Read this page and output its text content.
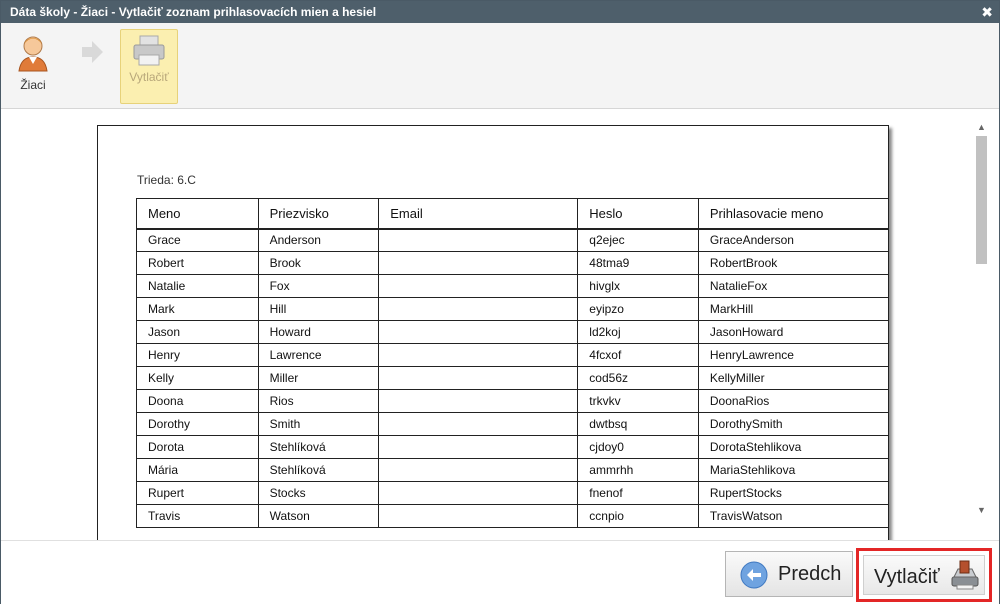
Dáta školy - Žiaci - Vytlačiť zoznam prihlasovacích mien a hesiel	✖
Žiaci
Vytlačiť
Trieda: 6.C
Meno	Priezvisko	Email	Heslo	Prihlasovacie meno
Grace	Anderson		q2ejec	GraceAnderson
Robert	Brook		48tma9	RobertBrook
Natalie	Fox		hivglx	NatalieFox
Mark	Hill		eyipzo	MarkHill
Jason	Howard		ld2koj	JasonHoward
Henry	Lawrence		4fcxof	HenryLawrence
Kelly	Miller		cod56z	KellyMiller
Doona	Rios		trkvkv	DoonaRios
Dorothy	Smith		dwtbsq	DorothySmith
Dorota	Stehlíková		cjdoy0	DorotaStehlikova
Mária	Stehlíková		ammrhh	MariaStehlikova
Rupert	Stocks		fnenof	RupertStocks
Travis	Watson		ccnpio	TravisWatson
▲
▼
Predch Vytlačiť
